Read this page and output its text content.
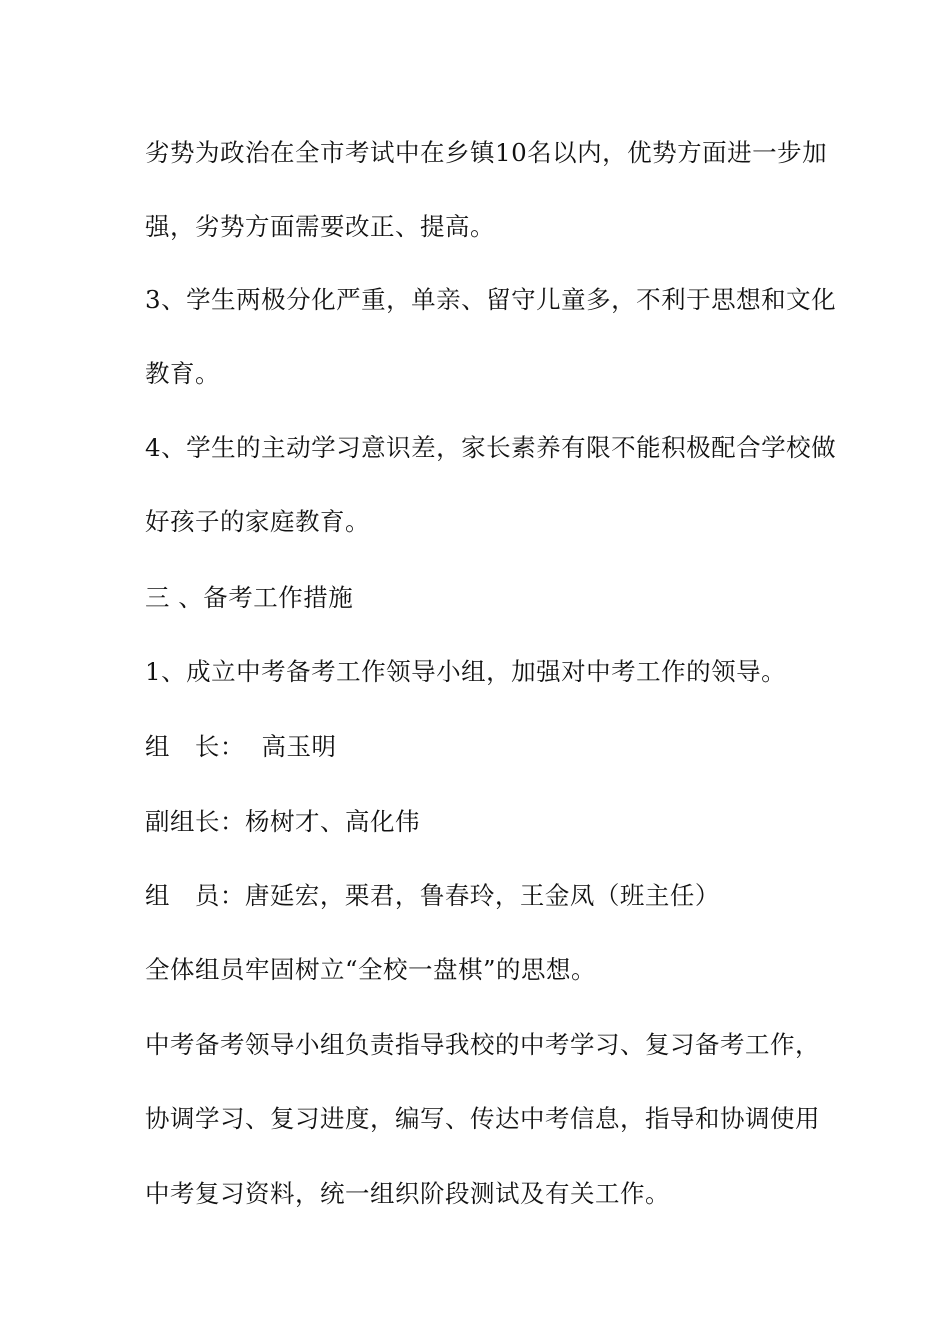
劣势为政治在全市考试中在乡镇10名以内，优势方面进一步加
强，劣势方面需要改正、提高。
3、学生两极分化严重，单亲、留守儿童多，不利于思想和文化
教育。
4、学生的主动学习意识差，家长素养有限不能积极配合学校做
好孩子的家庭教育。
三 、备考工作措施
1、成立中考备考工作领导小组，加强对中考工作的领导。
组   长：  高玉明
副组长：杨树才、高化伟
组   员：唐延宏，栗君，鲁春玲，王金凤（班主任）
全体组员牢固树立“全校一盘棋”的思想。
中考备考领导小组负责指导我校的中考学习、复习备考工作，
协调学习、复习进度，编写、传达中考信息，指导和协调使用
中考复习资料，统一组织阶段测试及有关工作。
